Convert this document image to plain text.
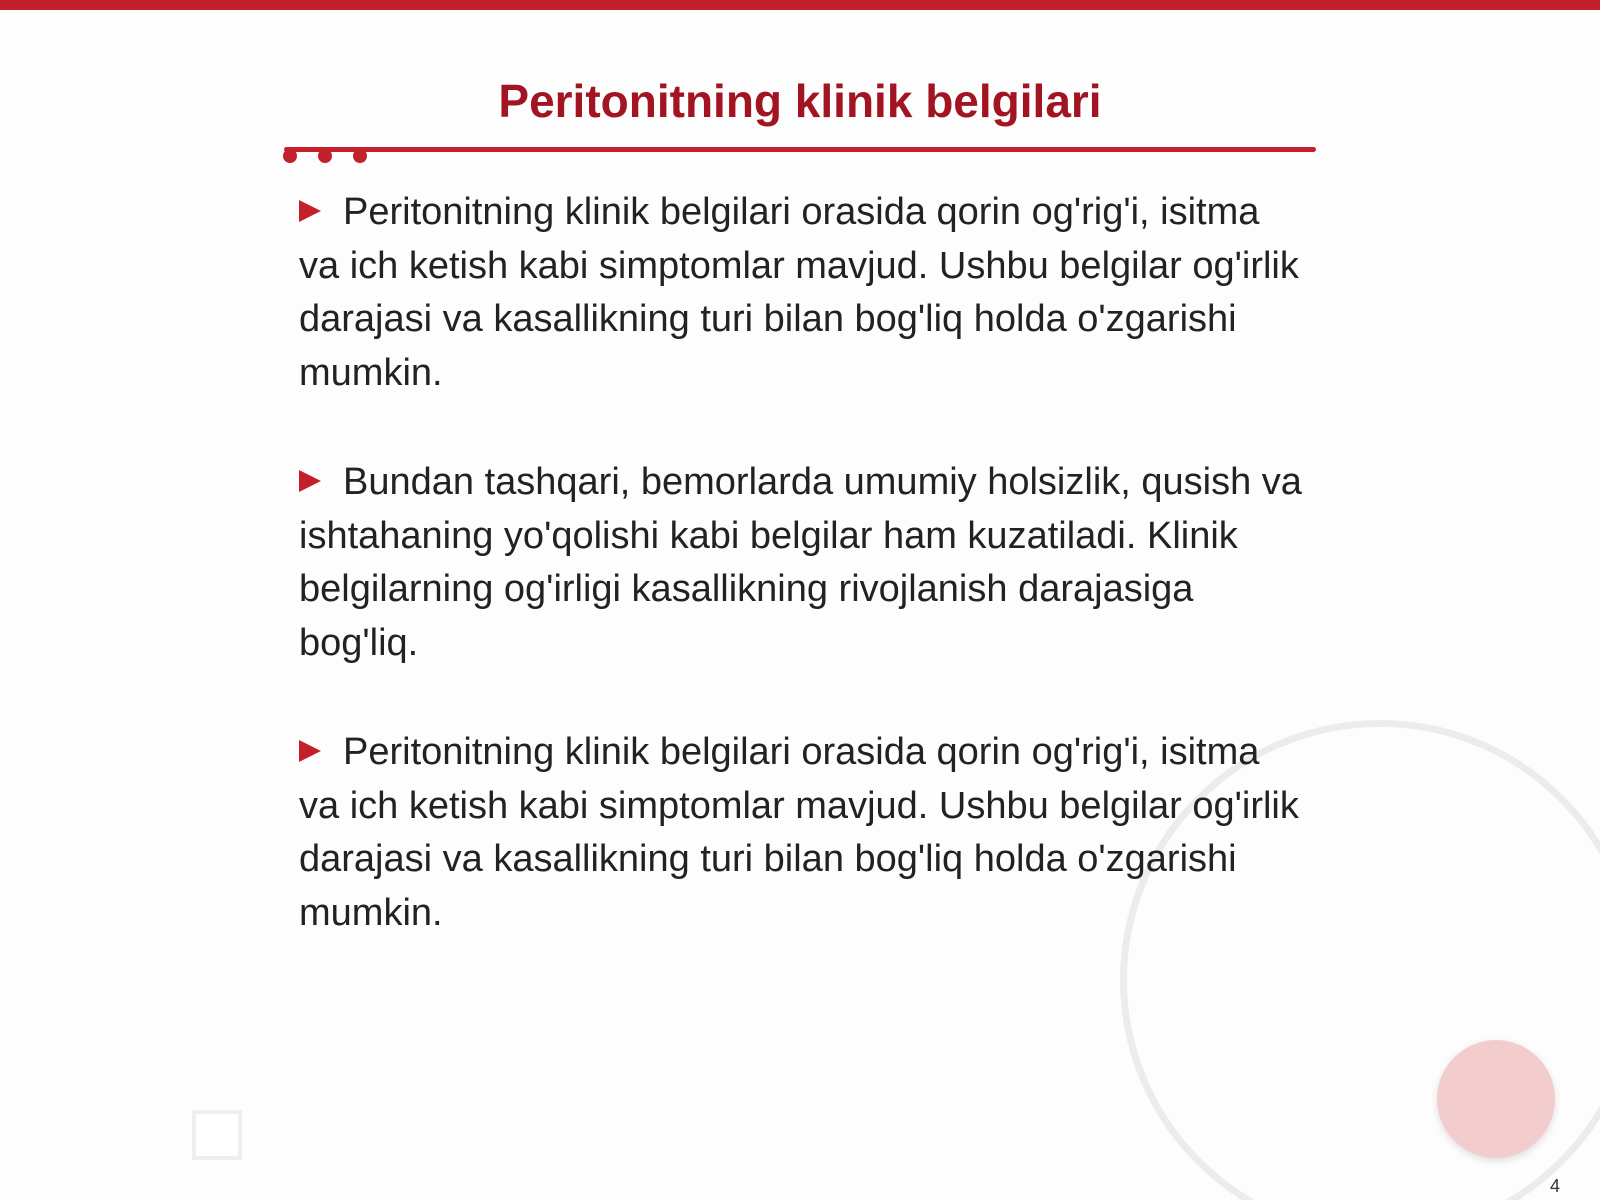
Peritonitning klinik belgilari
Peritonitning klinik belgilari orasida qorin og'rig'i, isitma va ich ketish kabi simptomlar mavjud. Ushbu belgilar og'irlik darajasi va kasallikning turi bilan bog'liq holda o'zgarishi mumkin.
Bundan tashqari, bemorlarda umumiy holsizlik, qusish va ishtahaning yo'qolishi kabi belgilar ham kuzatiladi. Klinik belgilarning og'irligi kasallikning rivojlanish darajasiga bog'liq.
Peritonitning klinik belgilari orasida qorin og'rig'i, isitma va ich ketish kabi simptomlar mavjud. Ushbu belgilar og'irlik darajasi va kasallikning turi bilan bog'liq holda o'zgarishi mumkin.
4
